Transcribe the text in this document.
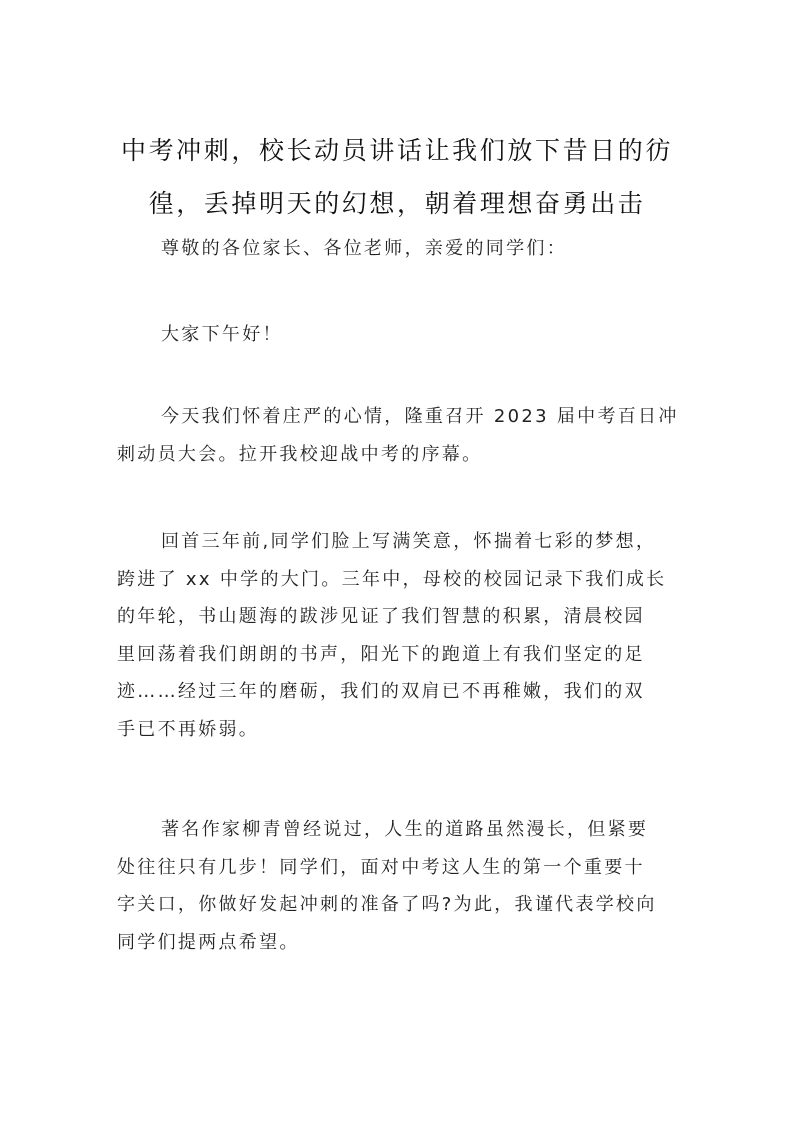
中考冲刺，校长动员讲话让我们放下昔日的彷
徨，丢掉明天的幻想，朝着理想奋勇出击

尊敬的各位家长、各位老师，亲爱的同学们：

大家下午好！

今天我们怀着庄严的心情，隆重召开 2023 届中考百日冲
刺动员大会。拉开我校迎战中考的序幕。

回首三年前,同学们脸上写满笑意，怀揣着七彩的梦想，
跨进了 xx 中学的大门。三年中，母校的校园记录下我们成长
的年轮，书山题海的跋涉见证了我们智慧的积累，清晨校园
里回荡着我们朗朗的书声，阳光下的跑道上有我们坚定的足
迹……经过三年的磨砺，我们的双肩已不再稚嫩，我们的双
手已不再娇弱。

著名作家柳青曾经说过，人生的道路虽然漫长，但紧要
处往往只有几步！同学们，面对中考这人生的第一个重要十
字关口，你做好发起冲刺的准备了吗?为此，我谨代表学校向
同学们提两点希望。
